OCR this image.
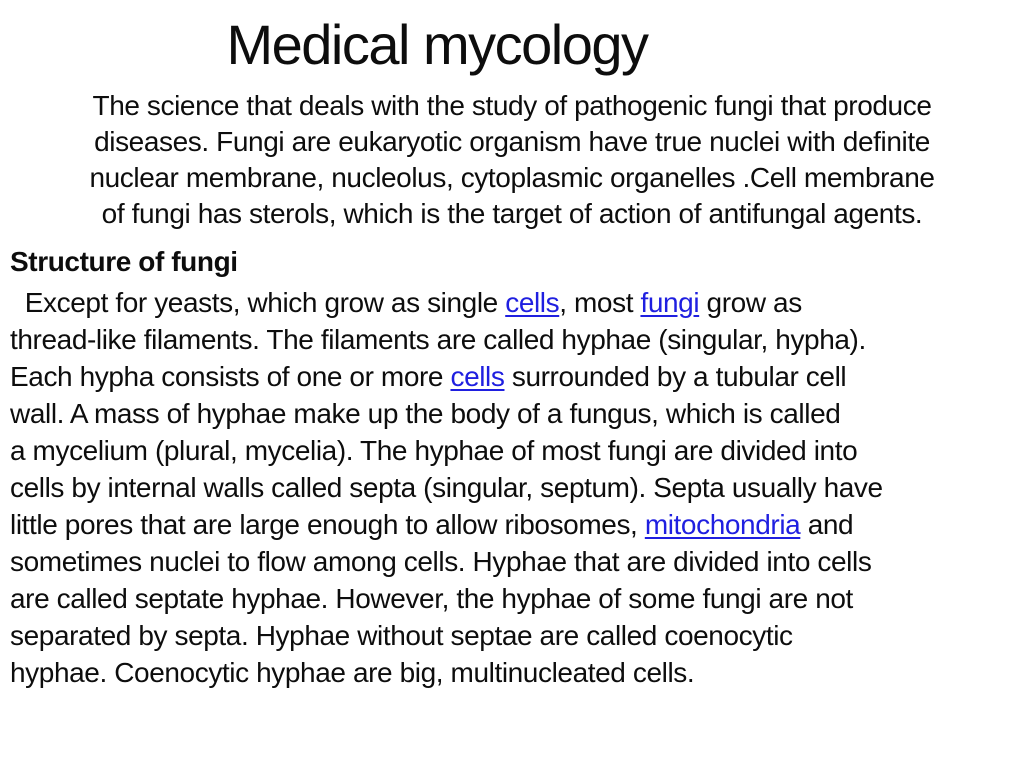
Medical mycology
The science that deals with the study of pathogenic fungi that produce
diseases. Fungi are eukaryotic organism have true nuclei with definite
nuclear membrane, nucleolus, cytoplasmic organelles .Cell membrane
of fungi has sterols, which is the target of action of antifungal agents.
Structure of fungi
Except for yeasts, which grow as single cells, most fungi grow as
thread-like filaments. The filaments are called hyphae (singular, hypha).
Each hypha consists of one or more cells surrounded by a tubular cell
wall. A mass of hyphae make up the body of a fungus, which is called
a mycelium (plural, mycelia). The hyphae of most fungi are divided into
cells by internal walls called septa (singular, septum). Septa usually have
little pores that are large enough to allow ribosomes, mitochondria and
sometimes nuclei to flow among cells. Hyphae that are divided into cells
are called septate hyphae. However, the hyphae of some fungi are not
separated by septa. Hyphae without septae are called coenocytic
hyphae. Coenocytic hyphae are big, multinucleated cells.
